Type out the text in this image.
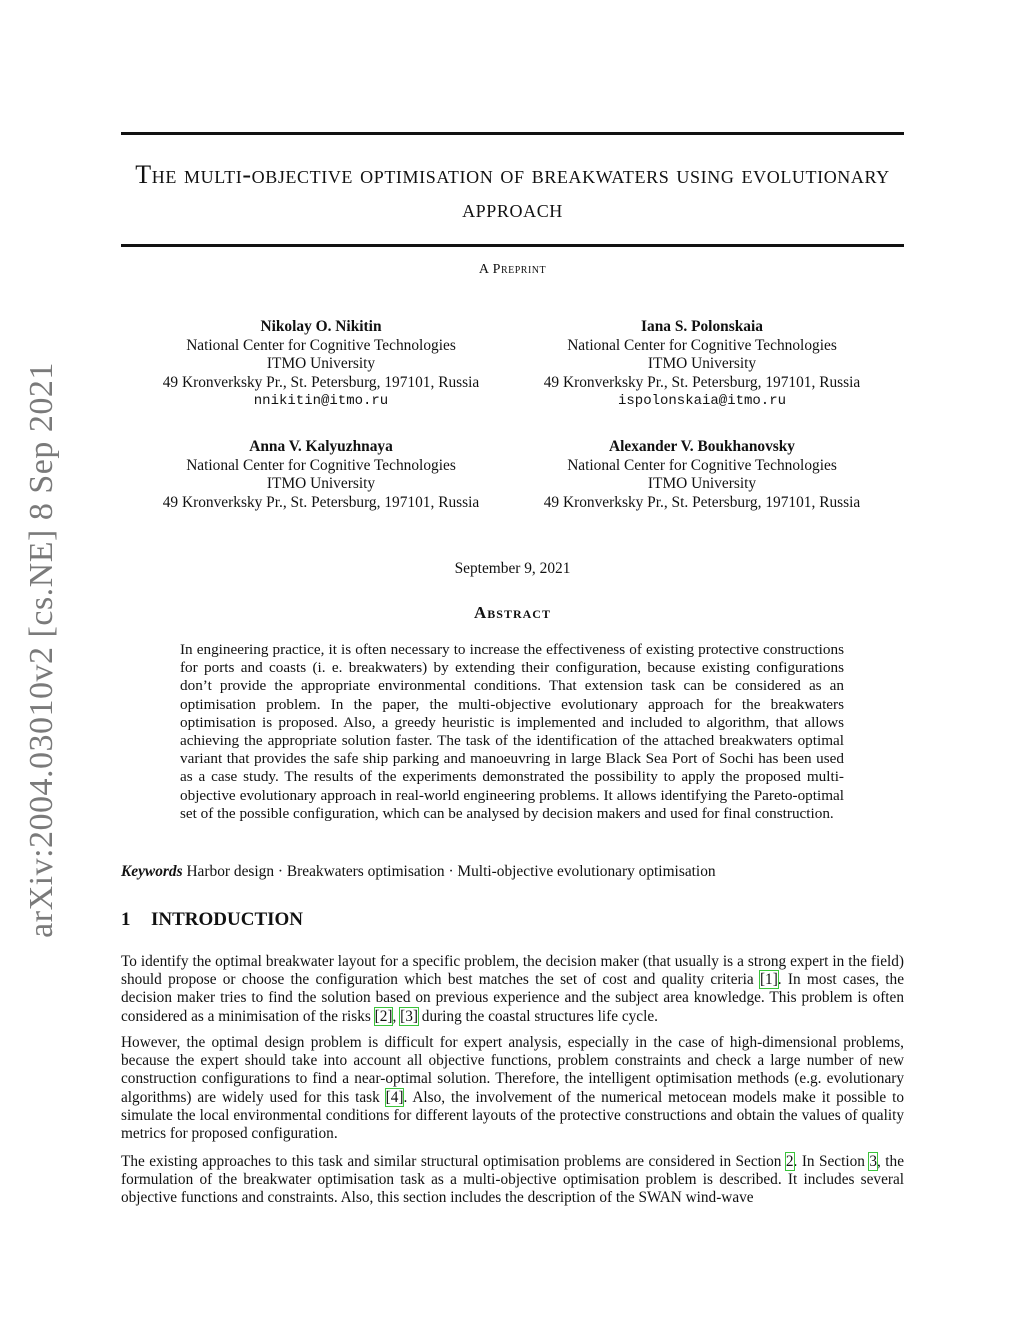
arXiv:2004.03010v2 [cs.NE] 8 Sep 2021
The multi-objective optimisation of breakwaters using evolutionary approach
A Preprint
Nikolay O. Nikitin
National Center for Cognitive Technologies
ITMO University
49 Kronverksky Pr., St. Petersburg, 197101, Russia
nnikitin@itmo.ru
Iana S. Polonskaia
National Center for Cognitive Technologies
ITMO University
49 Kronverksky Pr., St. Petersburg, 197101, Russia
ispolonskaia@itmo.ru
Anna V. Kalyuzhnaya
National Center for Cognitive Technologies
ITMO University
49 Kronverksky Pr., St. Petersburg, 197101, Russia
Alexander V. Boukhanovsky
National Center for Cognitive Technologies
ITMO University
49 Kronverksky Pr., St. Petersburg, 197101, Russia
September 9, 2021
Abstract

In engineering practice, it is often necessary to increase the effectiveness of existing protective constructions for ports and coasts (i. e. breakwaters) by extending their configuration, because existing configurations don’t provide the appropriate environmental conditions. That extension task can be considered as an optimisation problem. In the paper, the multi-objective evolutionary approach for the breakwaters optimisation is proposed. Also, a greedy heuristic is implemented and included to algorithm, that allows achieving the appropriate solution faster. The task of the identification of the attached breakwaters optimal variant that provides the safe ship parking and manoeuvring in large Black Sea Port of Sochi has been used as a case study. The results of the experiments demonstrated the possibility to apply the proposed multi-objective evolutionary approach in real-world engineering problems. It allows identifying the Pareto-optimal set of the possible configuration, which can be analysed by decision makers and used for final construction.

Keywords Harbor design · Breakwaters optimisation · Multi-objective evolutionary optimisation
1 INTRODUCTION

To identify the optimal breakwater layout for a specific problem, the decision maker (that usually is a strong expert in the field) should propose or choose the configuration which best matches the set of cost and quality criteria [1]. In most cases, the decision maker tries to find the solution based on previous experience and the subject area knowledge. This problem is often considered as a minimisation of the risks [2], [3] during the coastal structures life cycle.

However, the optimal design problem is difficult for expert analysis, especially in the case of high-dimensional problems, because the expert should take into account all objective functions, problem constraints and check a large number of new construction configurations to find a near-optimal solution. Therefore, the intelligent optimisation methods (e.g. evolutionary algorithms) are widely used for this task [4]. Also, the involvement of the numerical metocean models make it possible to simulate the local environmental conditions for different layouts of the protective constructions and obtain the values of quality metrics for proposed configuration.

The existing approaches to this task and similar structural optimisation problems are considered in Section 2. In Section 3, the formulation of the breakwater optimisation task as a multi-objective optimisation problem is described. It includes several objective functions and constraints. Also, this section includes the description of the SWAN wind-wave
